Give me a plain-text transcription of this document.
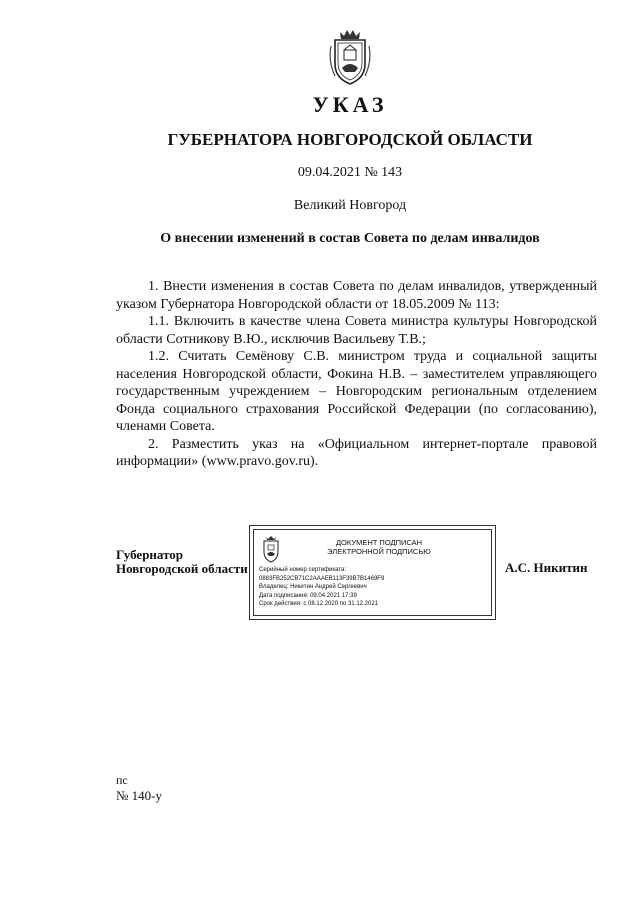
УКАЗ
ГУБЕРНАТОРА НОВГОРОДСКОЙ ОБЛАСТИ
09.04.2021 № 143
Великий Новгород
О внесении изменений в состав Совета по делам инвалидов

1. Внести изменения в состав Совета по делам инвалидов, утвержденный указом Губернатора Новгородской области от 18.05.2009 № 113:

1.1. Включить в качестве члена Совета министра культуры Новгородской области Сотникову В.Ю., исключив Васильеву Т.В.;

1.2. Считать Семёнову С.В. министром труда и социальной защиты населения Новгородской области, Фокина Н.В. – заместителем управляющего государственным учреждением – Новгородским региональным отделением Фонда социального страхования Российской Федерации (по согласованию), членами Совета.

2. Разместить указ на «Официальном интернет-портале правовой информации» (www.pravo.gov.ru).

Губернатор
Новгородской области
ДОКУМЕНТ ПОДПИСАН
ЭЛЕКТРОННОЙ ПОДПИСЬЮ
Серийный номер сертификата:
0883FB252CB71C2AAAEB113F39B7B1469F9
Владелец: Никитин Андрей Сергеевич
Дата подписания: 09.04.2021 17:39
Срок действия: с 08.12.2020 по 31.12.2021
А.С. Никитин
пс
№ 140-у
